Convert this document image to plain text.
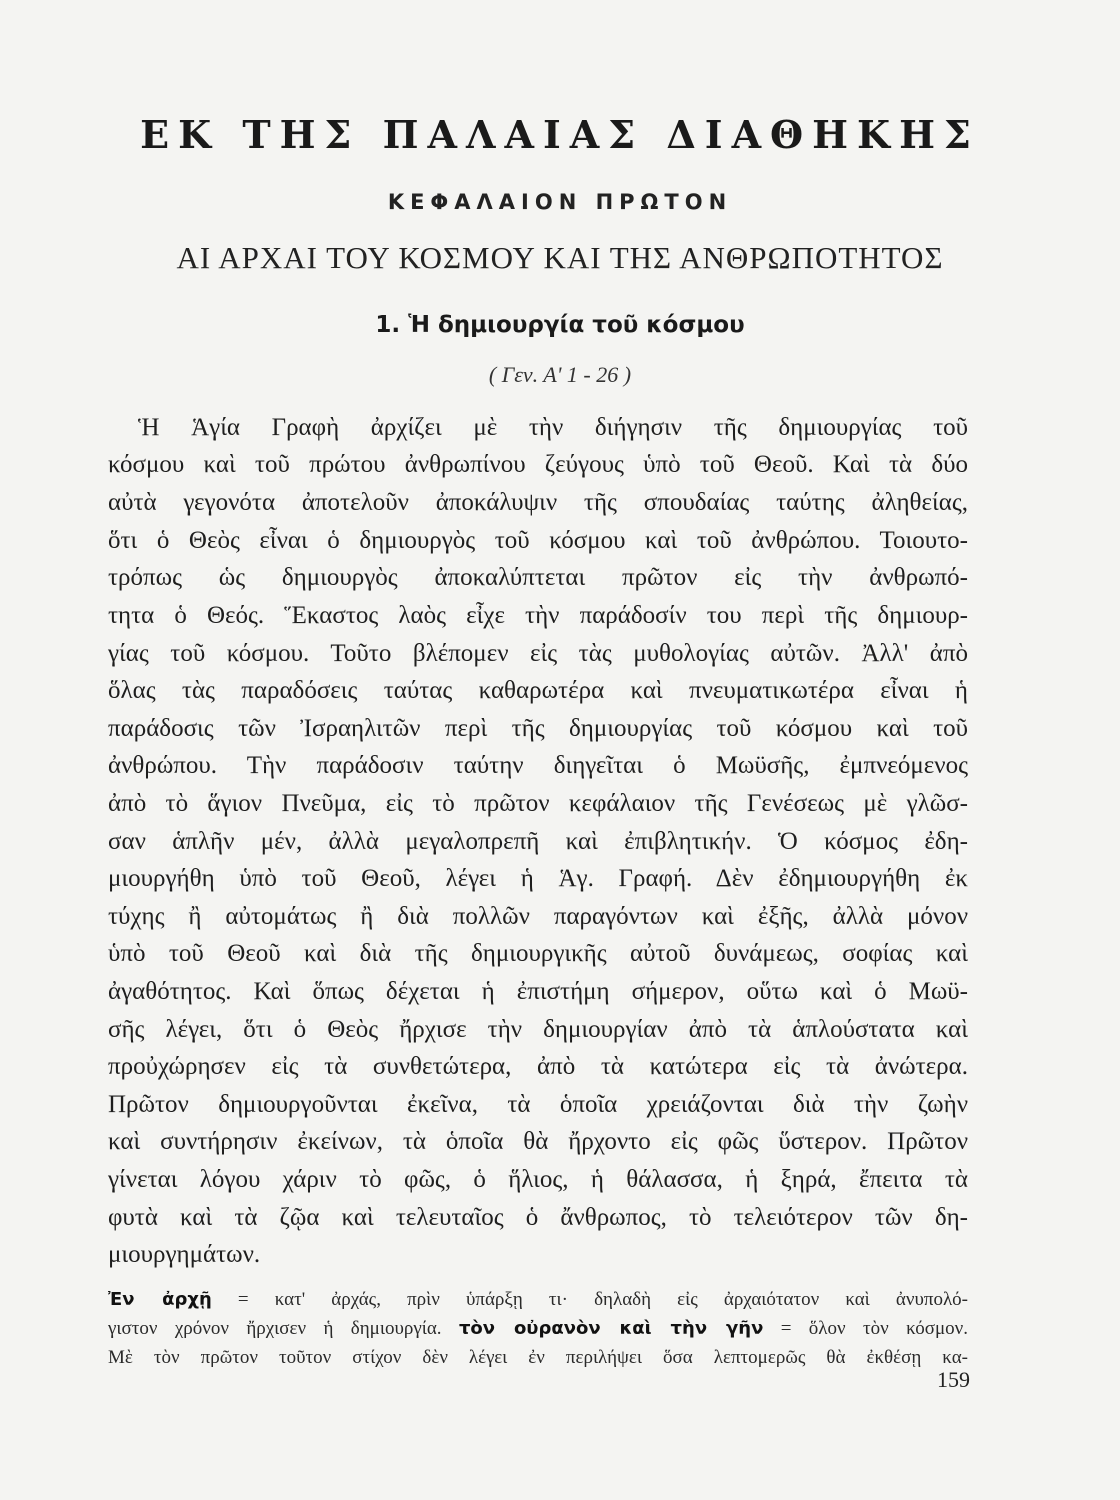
ΕΚ ΤΗΣ ΠΑΛΑΙΑΣ ΔΙΑΘΗΚΗΣ
ΚΕΦΑΛΑΙΟΝ ΠΡΩΤΟΝ
ΑΙ ΑΡΧΑΙ ΤΟΥ ΚΟΣΜΟΥ ΚΑΙ ΤΗΣ ΑΝΘΡΩΠΟΤΗΤΟΣ
1. Ἡ δημιουργία τοῦ κόσμου
( Γεν. Α' 1 - 26 )
Ἡ Ἁγία Γραφὴ ἀρχίζει μὲ τὴν διήγησιν τῆς δημιουργίας τοῦ
κόσμου καὶ τοῦ πρώτου ἀνθρωπίνου ζεύγους ὑπὸ τοῦ Θεοῦ. Καὶ τὰ δύο
αὐτὰ γεγονότα ἀποτελοῦν ἀποκάλυψιν τῆς σπουδαίας ταύτης ἀληθείας,
ὅτι ὁ Θεὸς εἶναι ὁ δημιουργὸς τοῦ κόσμου καὶ τοῦ ἀνθρώπου. Τοιουτο-
τρόπως ὡς δημιουργὸς ἀποκαλύπτεται πρῶτον εἰς τὴν ἀνθρωπό-
τητα ὁ Θεός. Ἕκαστος λαὸς εἶχε τὴν παράδοσίν του περὶ τῆς δημιουρ-
γίας τοῦ κόσμου. Τοῦτο βλέπομεν εἰς τὰς μυθολογίας αὐτῶν. Ἀλλ' ἀπὸ
ὅλας τὰς παραδόσεις ταύτας καθαρωτέρα καὶ πνευματικωτέρα εἶναι ἡ
παράδοσις τῶν Ἰσραηλιτῶν περὶ τῆς δημιουργίας τοῦ κόσμου καὶ τοῦ
ἀνθρώπου. Τὴν παράδοσιν ταύτην διηγεῖται ὁ Μωϋσῆς, ἐμπνεόμενος
ἀπὸ τὸ ἅγιον Πνεῦμα, εἰς τὸ πρῶτον κεφάλαιον τῆς Γενέσεως μὲ γλῶσ-
σαν ἁπλῆν μέν, ἀλλὰ μεγαλοπρεπῆ καὶ ἐπιβλητικήν. Ὁ κόσμος ἐδη-
μιουργήθη ὑπὸ τοῦ Θεοῦ, λέγει ἡ Ἁγ. Γραφή. Δὲν ἐδημιουργήθη ἐκ
τύχης ἢ αὐτομάτως ἢ διὰ πολλῶν παραγόντων καὶ ἐξῆς, ἀλλὰ μόνον
ὑπὸ τοῦ Θεοῦ καὶ διὰ τῆς δημιουργικῆς αὐτοῦ δυνάμεως, σοφίας καὶ
ἀγαθότητος. Καὶ ὅπως δέχεται ἡ ἐπιστήμη σήμερον, οὕτω καὶ ὁ Μωϋ-
σῆς λέγει, ὅτι ὁ Θεὸς ἤρχισε τὴν δημιουργίαν ἀπὸ τὰ ἁπλούστατα καὶ
προὐχώρησεν εἰς τὰ συνθετώτερα, ἀπὸ τὰ κατώτερα εἰς τὰ ἀνώτερα.
Πρῶτον δημιουργοῦνται ἐκεῖνα, τὰ ὁποῖα χρειάζονται διὰ τὴν ζωὴν
καὶ συντήρησιν ἐκείνων, τὰ ὁποῖα θὰ ἤρχοντο εἰς φῶς ὕστερον. Πρῶτον
γίνεται λόγου χάριν τὸ φῶς, ὁ ἥλιος, ἡ θάλασσα, ἡ ξηρά, ἔπειτα τὰ
φυτὰ καὶ τὰ ζῷα καὶ τελευταῖος ὁ ἄνθρωπος, τὸ τελειότερον τῶν δη-
μιουργημάτων.
Ἐν ἀρχῇ = κατ' ἀρχάς, πρὶν ὑπάρξῃ τι· δηλαδὴ εἰς ἀρχαιότατον καὶ ἀνυπολό-
γιστον χρόνον ἤρχισεν ἡ δημιουργία. τὸν οὐρανὸν καὶ τὴν γῆν = ὅλον τὸν κόσμον.
Μὲ τὸν πρῶτον τοῦτον στίχον δὲν λέγει ἐν περιλήψει ὅσα λεπτομερῶς θὰ ἐκθέσῃ κα-
159
